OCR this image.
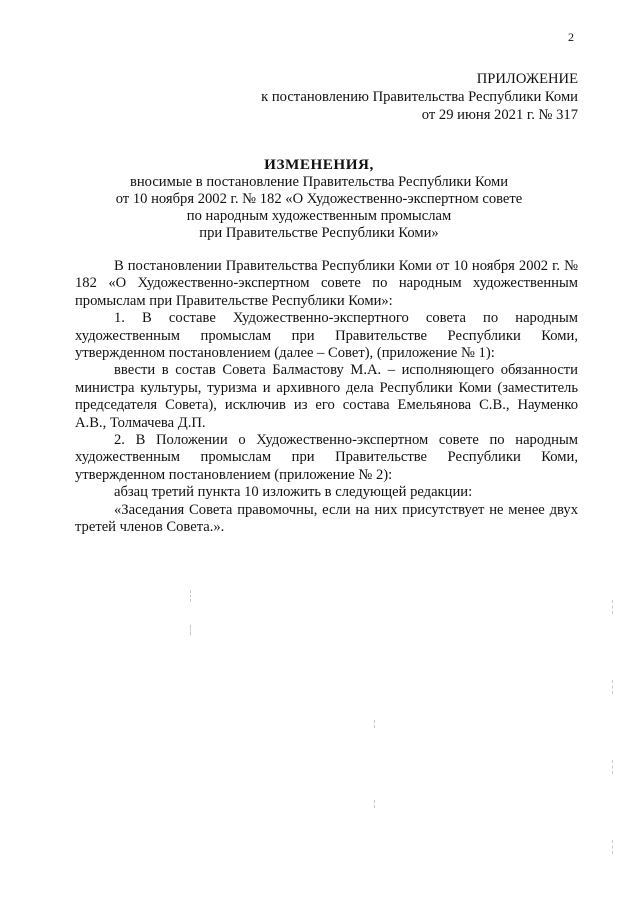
2
ПРИЛОЖЕНИЕ
к постановлению Правительства Республики Коми
от 29 июня 2021 г. № 317
ИЗМЕНЕНИЯ,
вносимые в постановление Правительства Республики Коми
от 10 ноября 2002 г. № 182 «О Художественно-экспертном совете
по народным художественным промыслам
при Правительстве Республики Коми»

В постановлении Правительства Республики Коми от 10 ноября 2002 г. № 182 «О Художественно-экспертном совете по народным художественным промыслам при Правительстве Республики Коми»:

1. В составе Художественно-экспертного совета по народным художественным промыслам при Правительстве Республики Коми, утвержденном постановлением (далее – Совет), (приложение № 1):

ввести в состав Совета Балмастову М.А. – исполняющего обязанности министра культуры, туризма и архивного дела Республики Коми (заместитель председателя Совета), исключив из его состава Емельянова С.В., Науменко А.В., Толмачева Д.П.

2. В Положении о Художественно-экспертном совете по народным художественным промыслам при Правительстве Республики Коми, утвержденном постановлением (приложение № 2):

абзац третий пункта 10 изложить в следующей редакции:

«Заседания Совета правомочны, если на них присутствует не менее двух третей членов Совета.».
